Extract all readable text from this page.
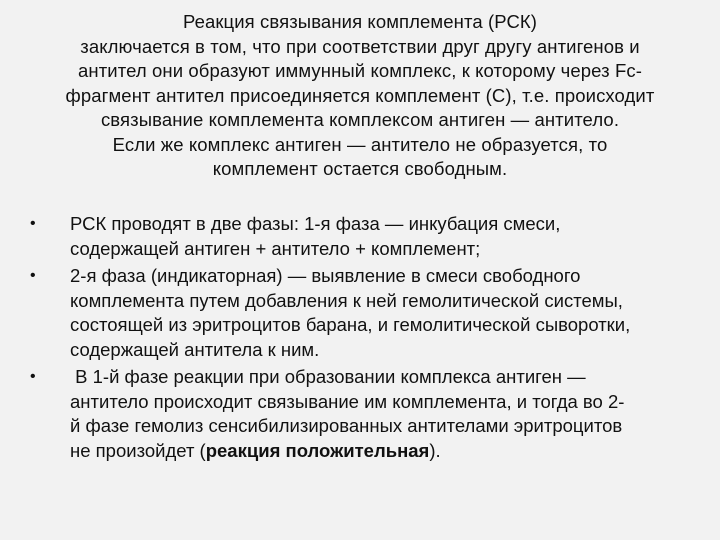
Реакция связывания комплемента (РСК)
заключается в том, что при соответствии друг другу антигенов и
антител они образуют иммунный комплекс, к которому через Fc-
фрагмент антител присоединяется комплемент (С), т.е. происходит
связывание комплемента комплексом антиген — антитело.
Если же комплекс антиген — антитело не образуется, то
комплемент остается свободным.
•	РСК проводят в две фазы: 1-я фаза — инкубация смеси,
содержащей антиген + антитело + комплемент;
•	2-я фаза (индикаторная) — выявление в смеси свободного
комплемента путем добавления к ней гемолитической системы,
состоящей из эритроцитов барана, и гемолитической сыворотки,
содержащей антитела к ним.
•	В 1-й фазе реакции при образовании комплекса антиген —
антитело происходит связывание им комплемента, и тогда во 2-
й фазе гемолиз сенсибилизированных антителами эритроцитов
не произойдет (реакция положительная).
